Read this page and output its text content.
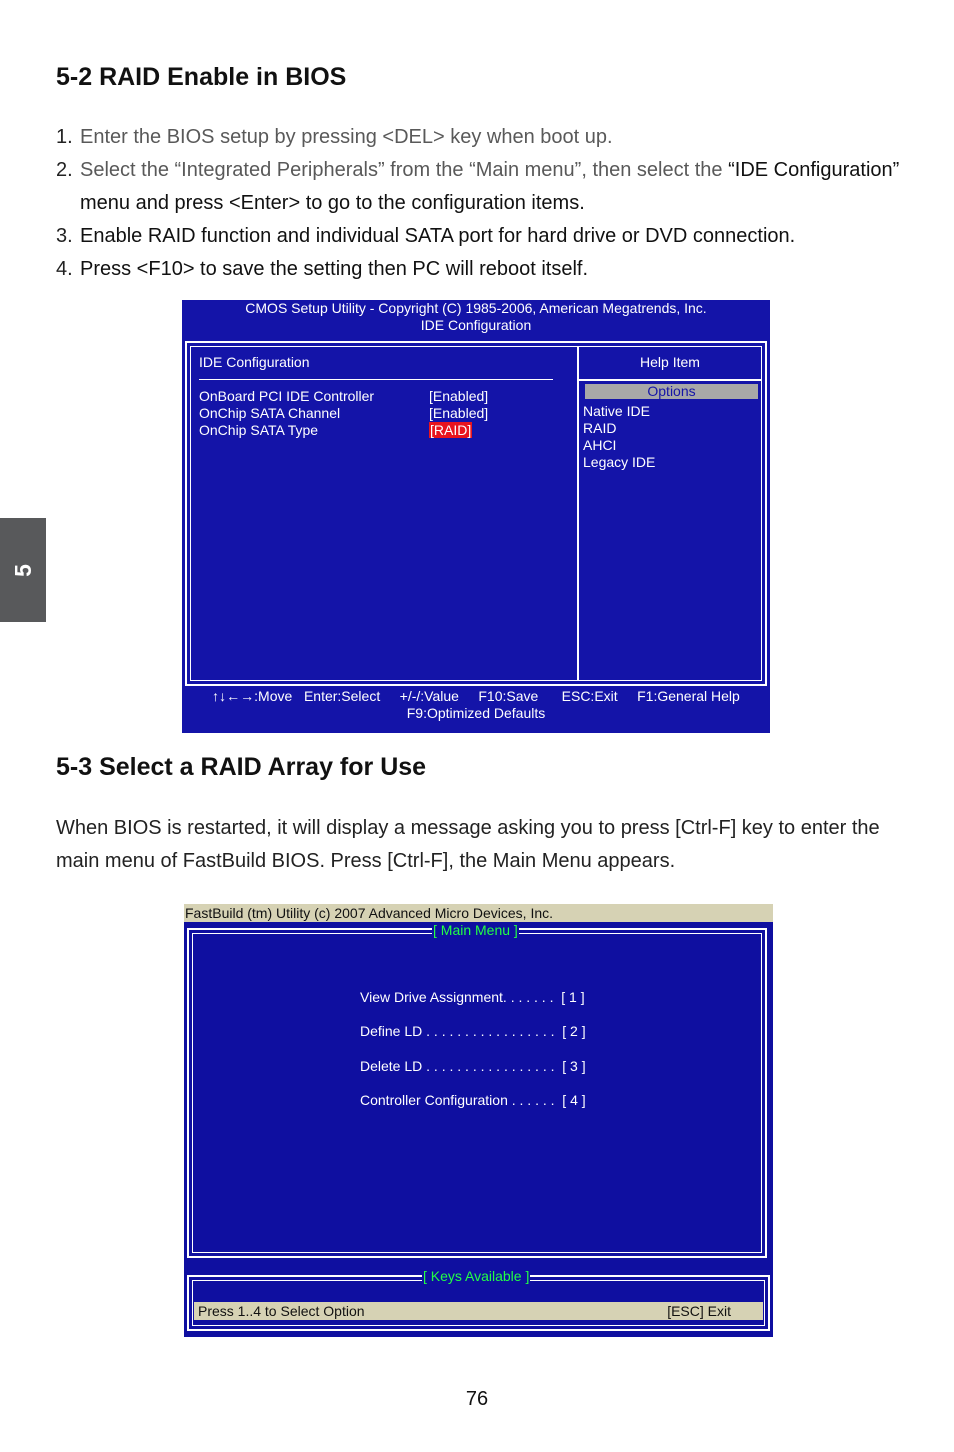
5
5-2 RAID Enable in BIOS
1. Enter the BIOS setup by pressing <DEL> key when boot up.
2. Select the “Integrated Peripherals” from the “Main menu”, then select the “IDE Configuration” menu and press <Enter> to go to the configuration items.
3. Enable RAID function and individual SATA port for hard drive or DVD connection.
4. Press <F10> to save the setting then PC will reboot itself.
CMOS Setup Utility - Copyright (C) 1985-2006, American Megatrends, Inc.
IDE Configuration
IDE Configuration
OnBoard PCI IDE Controller	[Enabled]
OnChip SATA Channel	[Enabled]
OnChip SATA Type	[RAID]
Help Item
Options
Native IDE
RAID
AHCI
Legacy IDE
↑↓←→:Move   Enter:Select     +/-/:Value     F10:Save      ESC:Exit     F1:General Help
F9:Optimized Defaults
5-3 Select a RAID Array for Use
When BIOS is restarted, it will display a message asking you to press [Ctrl-F] key to enter the main menu of FastBuild BIOS. Press [Ctrl-F], the Main Menu appears.
FastBuild (tm) Utility (c) 2007 Advanced Micro Devices, Inc.
[ Main Menu ]
View Drive Assignment. . . . . . .  [ 1 ]
Define LD . . . . . . . . . . . . . . . . .  [ 2 ]
Delete LD . . . . . . . . . . . . . . . . .  [ 3 ]
Controller Configuration . . . . . .  [ 4 ]
[ Keys Available ]
Press 1..4 to Select Option	[ESC] Exit
76
